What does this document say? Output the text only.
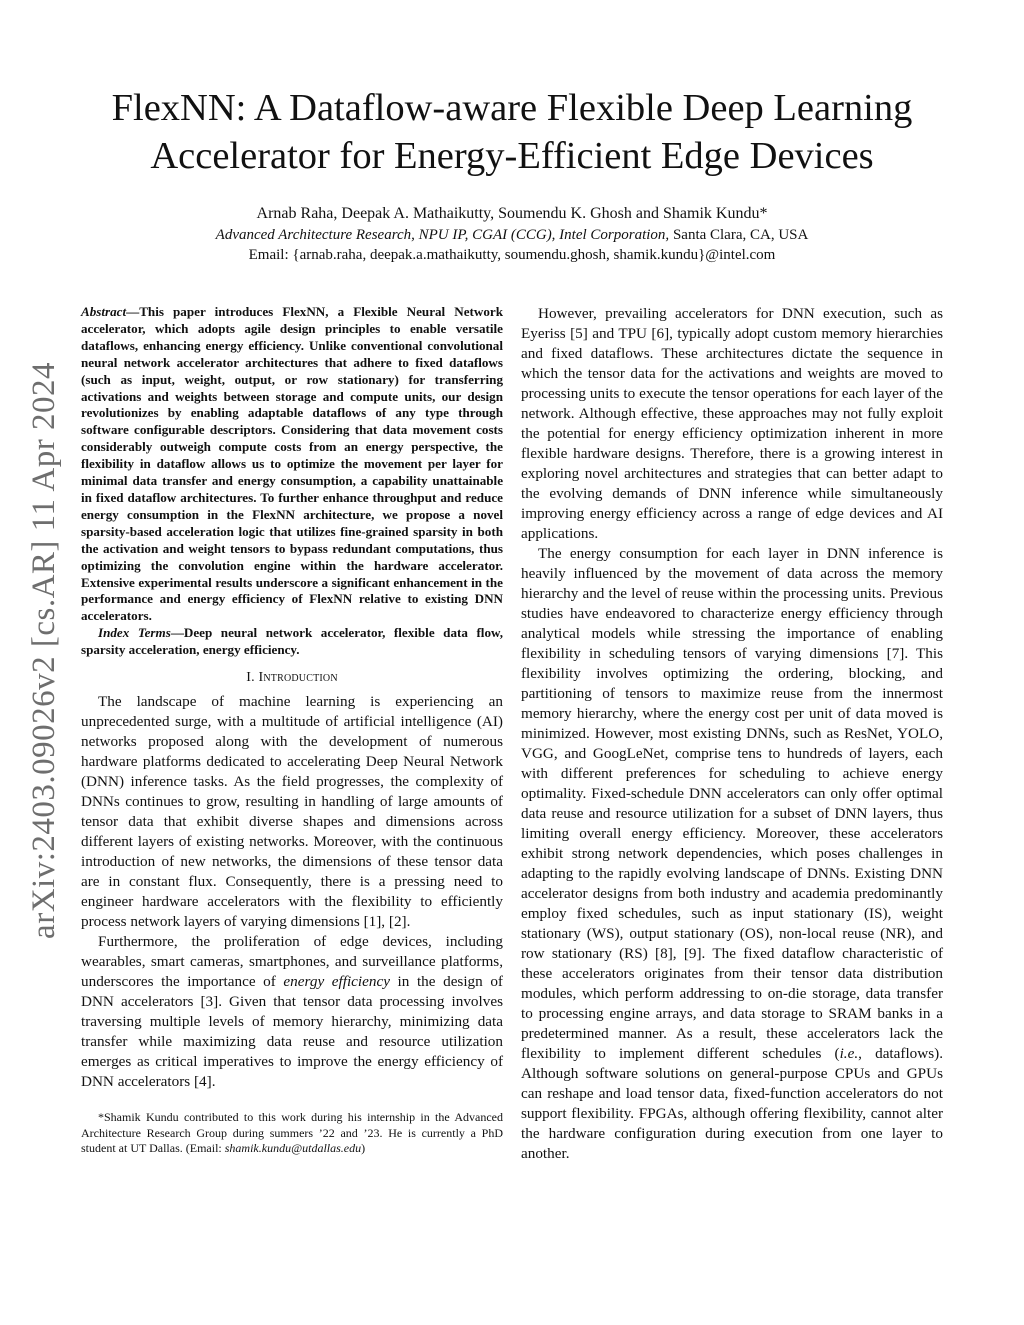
arXiv:2403.09026v2 [cs.AR] 11 Apr 2024
FlexNN: A Dataflow-aware Flexible Deep Learning
Accelerator for Energy-Efficient Edge Devices
Arnab Raha, Deepak A. Mathaikutty, Soumendu K. Ghosh and Shamik Kundu*
Advanced Architecture Research, NPU IP, CGAI (CCG), Intel Corporation, Santa Clara, CA, USA
Email: {arnab.raha, deepak.a.mathaikutty, soumendu.ghosh, shamik.kundu}@intel.com

Abstract—This paper introduces FlexNN, a Flexible Neural Network accelerator, which adopts agile design principles to enable versatile dataflows, enhancing energy efficiency. Unlike conventional convolutional neural network accelerator architectures that adhere to fixed dataflows (such as input, weight, output, or row stationary) for transferring activations and weights between storage and compute units, our design revolutionizes by enabling adaptable dataflows of any type through software configurable descriptors. Considering that data movement costs considerably outweigh compute costs from an energy perspective, the flexibility in dataflow allows us to optimize the movement per layer for minimal data transfer and energy consumption, a capability unattainable in fixed dataflow architectures. To further enhance throughput and reduce energy consumption in the FlexNN architecture, we propose a novel sparsity-based acceleration logic that utilizes fine-grained sparsity in both the activation and weight tensors to bypass redundant computations, thus optimizing the convolution engine within the hardware accelerator. Extensive experimental results underscore a significant enhancement in the performance and energy efficiency of FlexNN relative to existing DNN accelerators.

Index Terms—Deep neural network accelerator, flexible data flow, sparsity acceleration, energy efficiency.

I. Introduction

The landscape of machine learning is experiencing an unprecedented surge, with a multitude of artificial intelligence (AI) networks proposed along with the development of numerous hardware platforms dedicated to accelerating Deep Neural Network (DNN) inference tasks. As the field progresses, the complexity of DNNs continues to grow, resulting in handling of large amounts of tensor data that exhibit diverse shapes and dimensions across different layers of existing networks. Moreover, with the continuous introduction of new networks, the dimensions of these tensor data are in constant flux. Consequently, there is a pressing need to engineer hardware accelerators with the flexibility to efficiently process network layers of varying dimensions [1], [2].

Furthermore, the proliferation of edge devices, including wearables, smart cameras, smartphones, and surveillance platforms, underscores the importance of energy efficiency in the design of DNN accelerators [3]. Given that tensor data processing involves traversing multiple levels of memory hierarchy, minimizing data transfer while maximizing data reuse and resource utilization emerges as critical imperatives to improve the energy efficiency of DNN accelerators [4].

*Shamik Kundu contributed to this work during his internship in the Advanced Architecture Research Group during summers ’22 and ’23. He is currently a PhD student at UT Dallas. (Email: shamik.kundu@utdallas.edu)

However, prevailing accelerators for DNN execution, such as Eyeriss [5] and TPU [6], typically adopt custom memory hierarchies and fixed dataflows. These architectures dictate the sequence in which the tensor data for the activations and weights are moved to processing units to execute the tensor operations for each layer of the network. Although effective, these approaches may not fully exploit the potential for energy efficiency optimization inherent in more flexible hardware designs. Therefore, there is a growing interest in exploring novel architectures and strategies that can better adapt to the evolving demands of DNN inference while simultaneously improving energy efficiency across a range of edge devices and AI applications.

The energy consumption for each layer in DNN inference is heavily influenced by the movement of data across the memory hierarchy and the level of reuse within the processing units. Previous studies have endeavored to characterize energy efficiency through analytical models while stressing the importance of enabling flexibility in scheduling tensors of varying dimensions [7]. This flexibility involves optimizing the ordering, blocking, and partitioning of tensors to maximize reuse from the innermost memory hierarchy, where the energy cost per unit of data moved is minimized. However, most existing DNNs, such as ResNet, YOLO, VGG, and GoogLeNet, comprise tens to hundreds of layers, each with different preferences for scheduling to achieve energy optimality. Fixed-schedule DNN accelerators can only offer optimal data reuse and resource utilization for a subset of DNN layers, thus limiting overall energy efficiency. Moreover, these accelerators exhibit strong network dependencies, which poses challenges in adapting to the rapidly evolving landscape of DNNs. Existing DNN accelerator designs from both industry and academia predominantly employ fixed schedules, such as input stationary (IS), weight stationary (WS), output stationary (OS), non-local reuse (NR), and row stationary (RS) [8], [9]. The fixed dataflow characteristic of these accelerators originates from their tensor data distribution modules, which perform addressing to on-die storage, data transfer to processing engine arrays, and data storage to SRAM banks in a predetermined manner. As a result, these accelerators lack the flexibility to implement different schedules (i.e., dataflows). Although software solutions on general-purpose CPUs and GPUs can reshape and load tensor data, fixed-function accelerators do not support flexibility. FPGAs, although offering flexibility, cannot alter the hardware configuration during execution from one layer to another.
